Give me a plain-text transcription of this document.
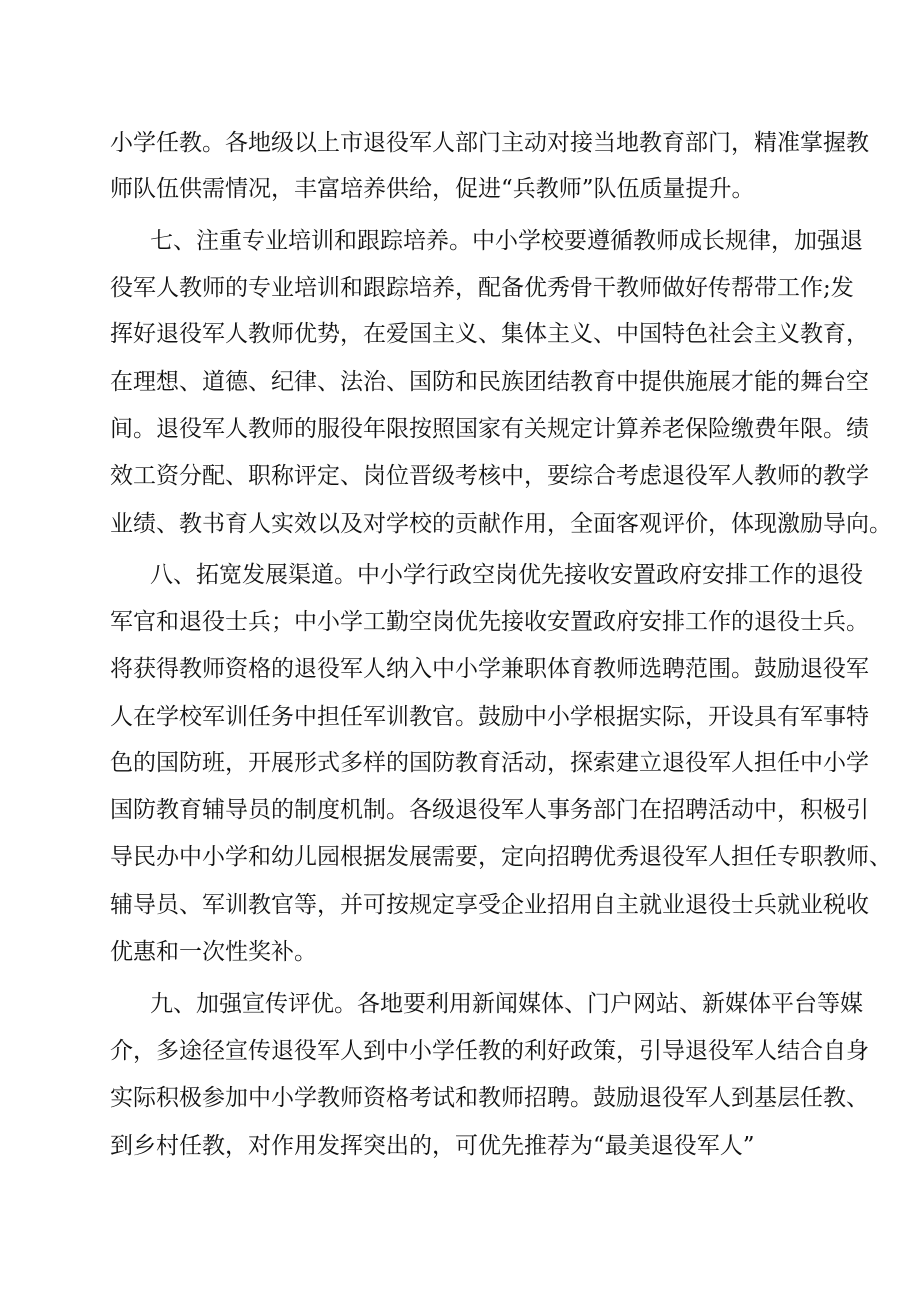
小学任教。各地级以上市退役军人部门主动对接当地教育部门，精准掌握教
师队伍供需情况，丰富培养供给，促进“兵教师”队伍质量提升。
七、注重专业培训和跟踪培养。中小学校要遵循教师成长规律，加强退
役军人教师的专业培训和跟踪培养，配备优秀骨干教师做好传帮带工作;发
挥好退役军人教师优势，在爱国主义、集体主义、中国特色社会主义教育，
在理想、道德、纪律、法治、国防和民族团结教育中提供施展才能的舞台空
间。退役军人教师的服役年限按照国家有关规定计算养老保险缴费年限。绩
效工资分配、职称评定、岗位晋级考核中，要综合考虑退役军人教师的教学
业绩、教书育人实效以及对学校的贡献作用，全面客观评价，体现激励导向。
八、拓宽发展渠道。中小学行政空岗优先接收安置政府安排工作的退役
军官和退役士兵；中小学工勤空岗优先接收安置政府安排工作的退役士兵。
将获得教师资格的退役军人纳入中小学兼职体育教师选聘范围。鼓励退役军
人在学校军训任务中担任军训教官。鼓励中小学根据实际，开设具有军事特
色的国防班，开展形式多样的国防教育活动，探索建立退役军人担任中小学
国防教育辅导员的制度机制。各级退役军人事务部门在招聘活动中，积极引
导民办中小学和幼儿园根据发展需要，定向招聘优秀退役军人担任专职教师、
辅导员、军训教官等，并可按规定享受企业招用自主就业退役士兵就业税收
优惠和一次性奖补。
九、加强宣传评优。各地要利用新闻媒体、门户网站、新媒体平台等媒
介，多途径宣传退役军人到中小学任教的利好政策，引导退役军人结合自身
实际积极参加中小学教师资格考试和教师招聘。鼓励退役军人到基层任教、
到乡村任教，对作用发挥突出的，可优先推荐为“最美退役军人”
